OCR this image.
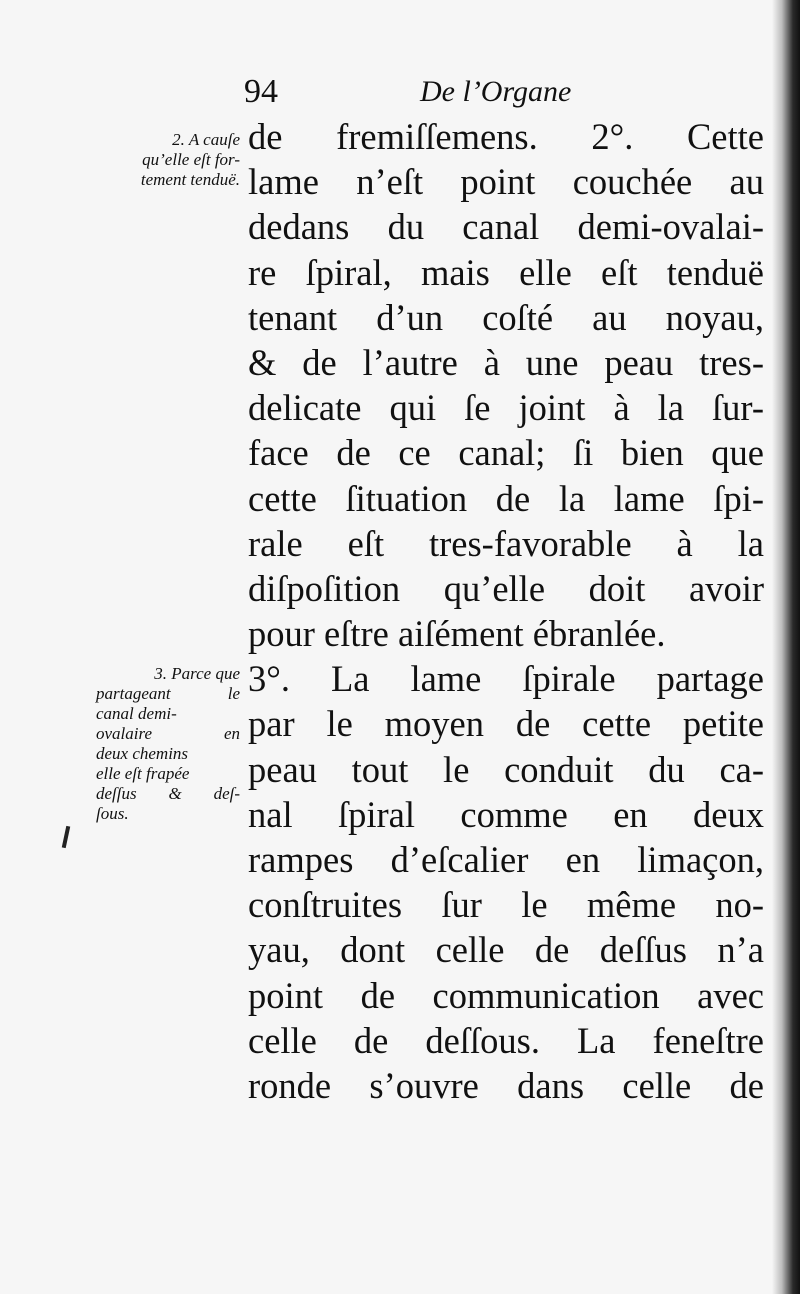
94	De l’Organe
2. A cauſe
qu’elle eſt for-
tement tenduë.
3. Parce que
partageant le
canal demi-
ovalaire en
deux chemins
elle eſt frapée
deſſus & deſ-
ſous.
de fremiſſemens. 2°. Cette
lame n’eſt point couchée au
dedans du canal demi-ovalai-
re ſpiral, mais elle eſt tenduë
tenant d’un coſté au noyau,
& de l’autre à une peau tres-
delicate qui ſe joint à la ſur-
face de ce canal; ſi bien que
cette ſituation de la lame ſpi-
rale eſt tres-favorable à la
diſpoſition qu’elle doit avoir
pour eſtre aiſément ébranlée.
3°. La lame ſpirale partage
par le moyen de cette petite
peau tout le conduit du ca-
nal ſpiral comme en deux
rampes d’eſcalier en limaçon,
conſtruites ſur le même no-
yau, dont celle de deſſus n’a
point de communication avec
celle de deſſous. La feneſtre
ronde s’ouvre dans celle de
